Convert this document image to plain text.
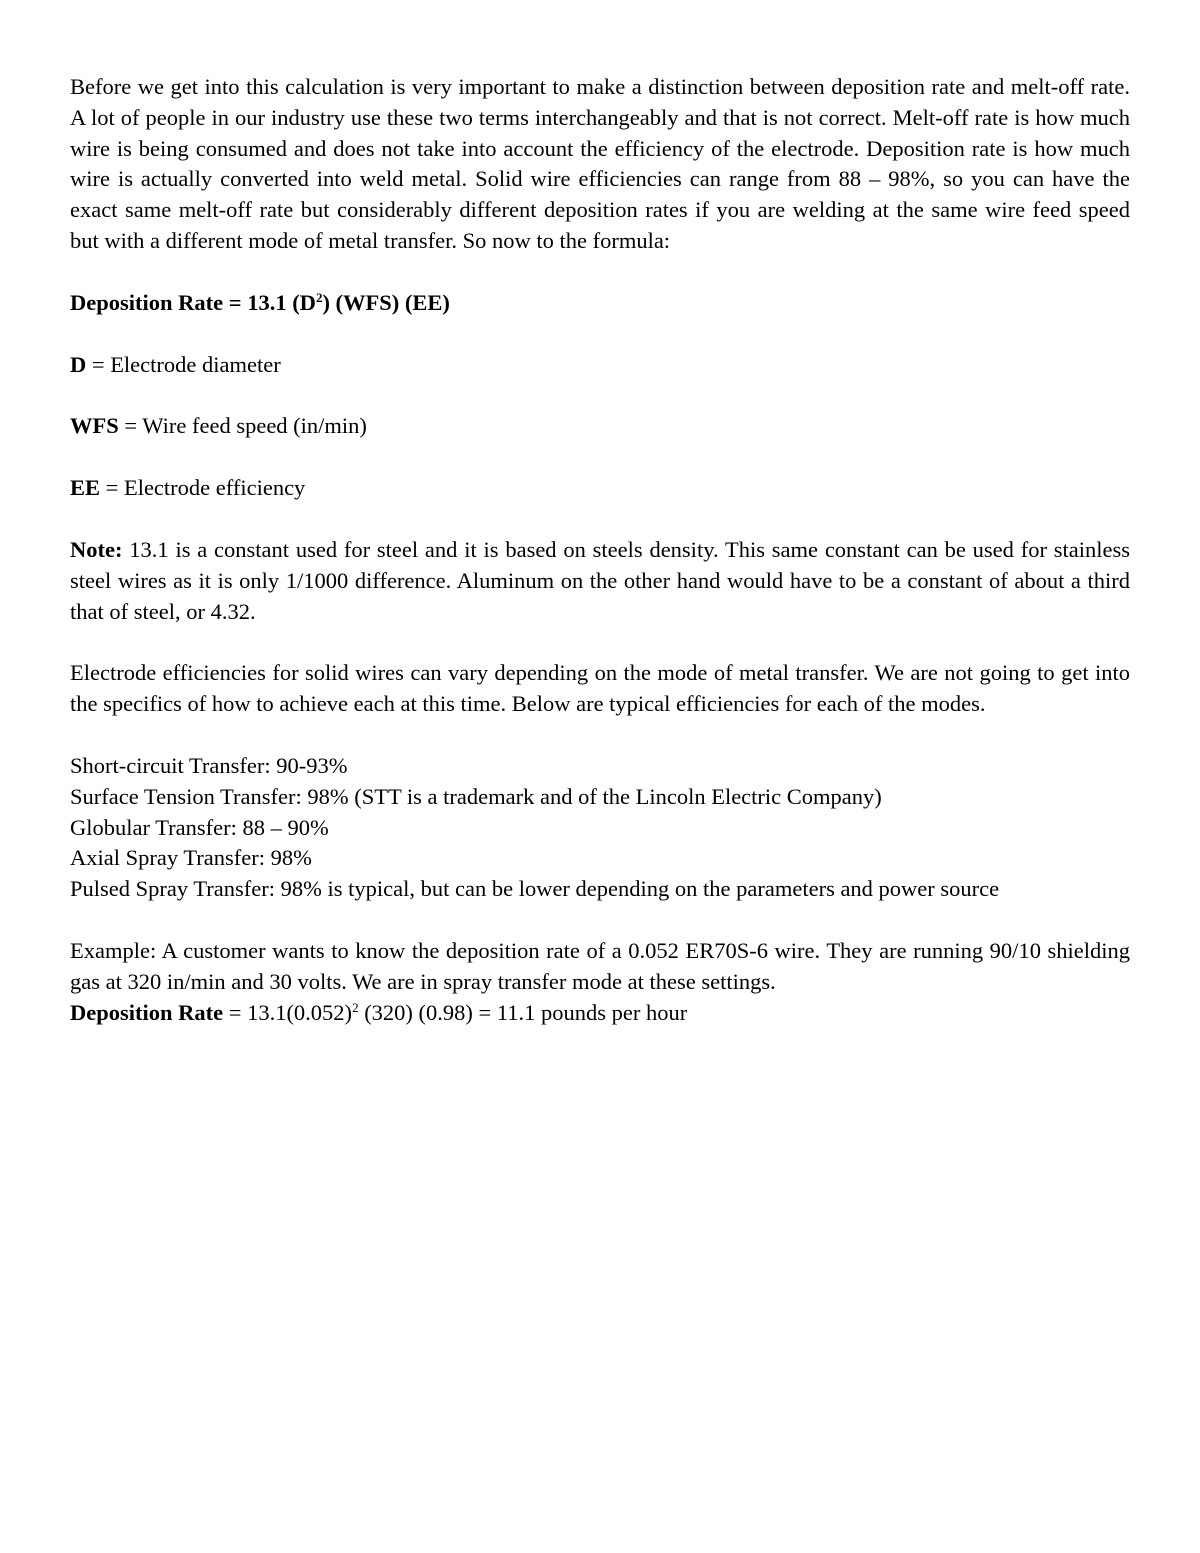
Before we get into this calculation is very important to make a distinction between deposition rate and melt-off rate. A lot of people in our industry use these two terms interchangeably and that is not correct. Melt-off rate is how much wire is being consumed and does not take into account the efficiency of the electrode. Deposition rate is how much wire is actually converted into weld metal. Solid wire efficiencies can range from 88 – 98%, so you can have the exact same melt-off rate but considerably different deposition rates if you are welding at the same wire feed speed but with a different mode of metal transfer. So now to the formula:

Deposition Rate = 13.1 $(D^2)$ (WFS) (EE)

D = Electrode diameter

WFS = Wire feed speed (in/min)

EE = Electrode efficiency

Note: 13.1 is a constant used for steel and it is based on steels density. This same constant can be used for stainless steel wires as it is only 1/1000 difference. Aluminum on the other hand would have to be a constant of about a third that of steel, or 4.32.

Electrode efficiencies for solid wires can vary depending on the mode of metal transfer. We are not going to get into the specifics of how to achieve each at this time. Below are typical efficiencies for each of the modes.

Short-circuit Transfer: 90-93%

Surface Tension Transfer: 98% (STT is a trademark and of the Lincoln Electric Company)

Globular Transfer: 88 – 90%

Axial Spray Transfer: 98%

Pulsed Spray Transfer: 98% is typical, but can be lower depending on the parameters and power source

Example: A customer wants to know the deposition rate of a 0.052 ER70S-6 wire. They are running 90/10 shielding gas at 320 in/min and 30 volts. We are in spray transfer mode at these settings.

Deposition Rate = $13.1(0.052)^2$ (320) (0.98) = 11.1 pounds per hour
